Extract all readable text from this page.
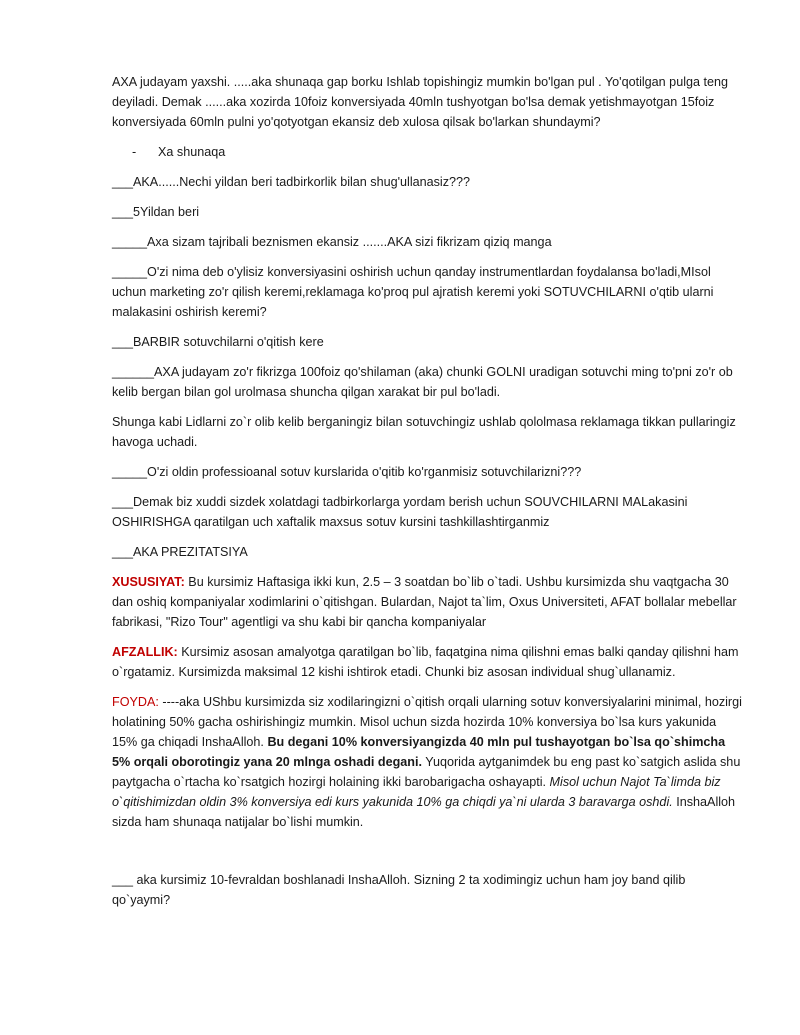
AXA judayam yaxshi. .....aka shunaqa gap borku Ishlab topishingiz mumkin bo'lgan pul . Yo'qotilgan pulga teng deyiladi. Demak ......aka xozirda 10foiz konversiyada 40mln tushyotgan bo'lsa demak yetishmayotgan 15foiz konversiyada 60mln pulni yo'qotyotgan ekansiz deb xulosa qilsak bo'larkan shundaymi?

- Xa shunaqa

___AKA......Nechi yildan beri tadbirkorlik bilan shug'ullanasiz???

___5Yildan beri

_____Axa sizam tajribali beznismen ekansiz .......AKA sizi fikrizam qiziq manga

_____O'zi nima deb o'ylisiz konversiyasini oshirish uchun qanday instrumentlardan foydalansa bo'ladi,MIsol uchun marketing zo'r qilish keremi,reklamaga ko'proq pul ajratish keremi yoki SOTUVCHILARNI o'qtib ularni malakasini oshirish keremi?

___BARBIR sotuvchilarni o'qitish kere

______AXA judayam zo'r fikrizga 100foiz qo'shilaman (aka) chunki GOLNI uradigan sotuvchi ming to'pni zo'r ob kelib bergan bilan gol urolmasa shuncha qilgan xarakat bir pul bo'ladi.

Shunga kabi Lidlarni zo`r olib kelib berganingiz bilan sotuvchingiz ushlab qololmasa reklamaga tikkan pullaringiz havoga uchadi.

_____O'zi oldin professioanal sotuv kurslarida o'qitib ko'rganmisiz sotuvchilarizni???

___Demak biz xuddi sizdek xolatdagi tadbirkorlarga yordam berish uchun SOUVCHILARNI MALakasini OSHIRISHGA qaratilgan uch xaftalik maxsus sotuv kursini tashkillashtirganmiz

___AKA PREZITATSIYA

XUSUSIYAT: Bu kursimiz Haftasiga ikki kun, 2.5 – 3 soatdan bo`lib o`tadi. Ushbu kursimizda shu vaqtgacha 30 dan oshiq kompaniyalar xodimlarini o`qitishgan. Bulardan, Najot ta`lim, Oxus Universiteti, AFAT bollalar mebellar fabrikasi, "Rizo Tour" agentligi va shu kabi bir qancha kompaniyalar

AFZALLIK: Kursimiz asosan amalyotga qaratilgan bo`lib, faqatgina nima qilishni emas balki qanday qilishni ham o`rgatamiz. Kursimizda maksimal 12 kishi ishtirok etadi. Chunki biz asosan individual shug`ullanamiz.

FOYDA: ----aka UShbu kursimizda siz xodilaringizni o`qitish orqali ularning sotuv konversiyalarini minimal, hozirgi holatining 50% gacha oshirishingiz mumkin. Misol uchun sizda hozirda 10% konversiya bo`lsa kurs yakunida 15% ga chiqadi InshaAlloh. Bu degani 10% konversiyangizda 40 mln pul tushayotgan bo`lsa qo`shimcha 5% orqali oborotingiz yana 20 mlnga oshadi degani. Yuqorida aytganimdek bu eng past ko`satgich aslida shu paytgacha o`rtacha ko`rsatgich hozirgi holaining ikki barobarigacha oshayapti. Misol uchun Najot Ta`limda biz o`qitishimizdan oldin 3% konversiya edi kurs yakunida 10% ga chiqdi ya`ni ularda 3 baravarga oshdi. InshaAlloh sizda ham shunaqa natijalar bo`lishi mumkin.

___ aka kursimiz 10-fevraldan boshlanadi InshaAlloh. Sizning 2 ta xodimingiz uchun ham joy band qilib qo`yaymi?
